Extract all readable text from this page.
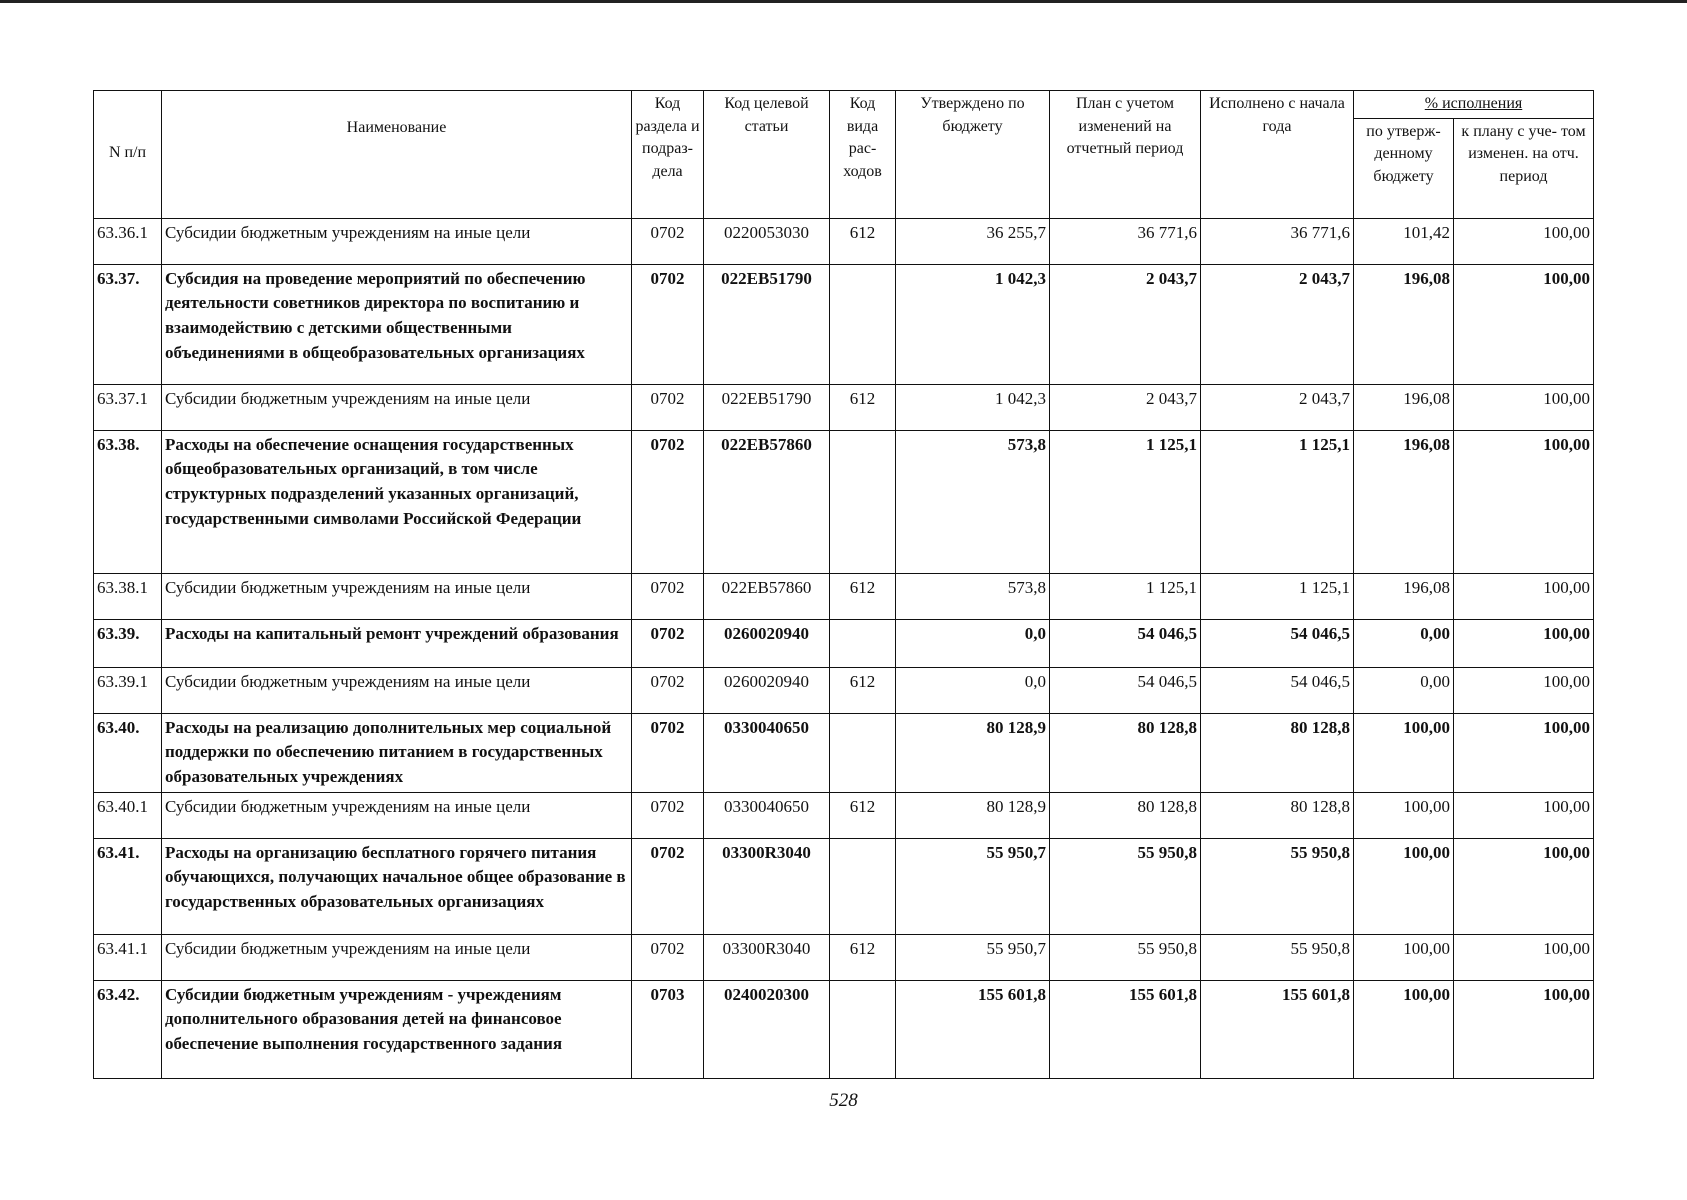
N п/п	Наименование	Код раздела и подраз- дела	Код целевой статьи	Код вида рас- ходов	Утверждено по бюджету	План с учетом изменений на отчетный период	Исполнено с начала года	% исполнения	
								по утверж- денному бюджету	к плану с уче- том изменен. на отч. период
63.36.1	Субсидии бюджетным учреждениям на иные цели	0702	0220053030	612	36 255,7	36 771,6	36 771,6	101,42	100,00
63.37.	Субсидия на проведение мероприятий по обеспечению деятельности советников директора по воспитанию и взаимодействию с детскими общественными объединениями в общеобразовательных организациях	0702	022EB51790		1 042,3	2 043,7	2 043,7	196,08	100,00
63.37.1	Субсидии бюджетным учреждениям на иные цели	0702	022EB51790	612	1 042,3	2 043,7	2 043,7	196,08	100,00
63.38.	Расходы на обеспечение оснащения государственных общеобразовательных организаций, в том числе структурных подразделений указанных организаций, государственными символами Российской Федерации	0702	022EB57860		573,8	1 125,1	1 125,1	196,08	100,00
63.38.1	Субсидии бюджетным учреждениям на иные цели	0702	022EB57860	612	573,8	1 125,1	1 125,1	196,08	100,00
63.39.	Расходы на капитальный ремонт учреждений образования	0702	0260020940		0,0	54 046,5	54 046,5	0,00	100,00
63.39.1	Субсидии бюджетным учреждениям на иные цели	0702	0260020940	612	0,0	54 046,5	54 046,5	0,00	100,00
63.40.	Расходы на реализацию дополнительных мер социальной поддержки по обеспечению питанием в государственных образовательных учреждениях	0702	0330040650		80 128,9	80 128,8	80 128,8	100,00	100,00
63.40.1	Субсидии бюджетным учреждениям на иные цели	0702	0330040650	612	80 128,9	80 128,8	80 128,8	100,00	100,00
63.41.	Расходы на организацию бесплатного горячего питания обучающихся, получающих начальное общее образование в государственных образовательных организациях	0702	03300R3040		55 950,7	55 950,8	55 950,8	100,00	100,00
63.41.1	Субсидии бюджетным учреждениям на иные цели	0702	03300R3040	612	55 950,7	55 950,8	55 950,8	100,00	100,00
63.42.	Субсидии бюджетным учреждениям - учреждениям дополнительного образования детей на финансовое обеспечение выполнения государственного задания	0703	0240020300		155 601,8	155 601,8	155 601,8	100,00	100,00
528
